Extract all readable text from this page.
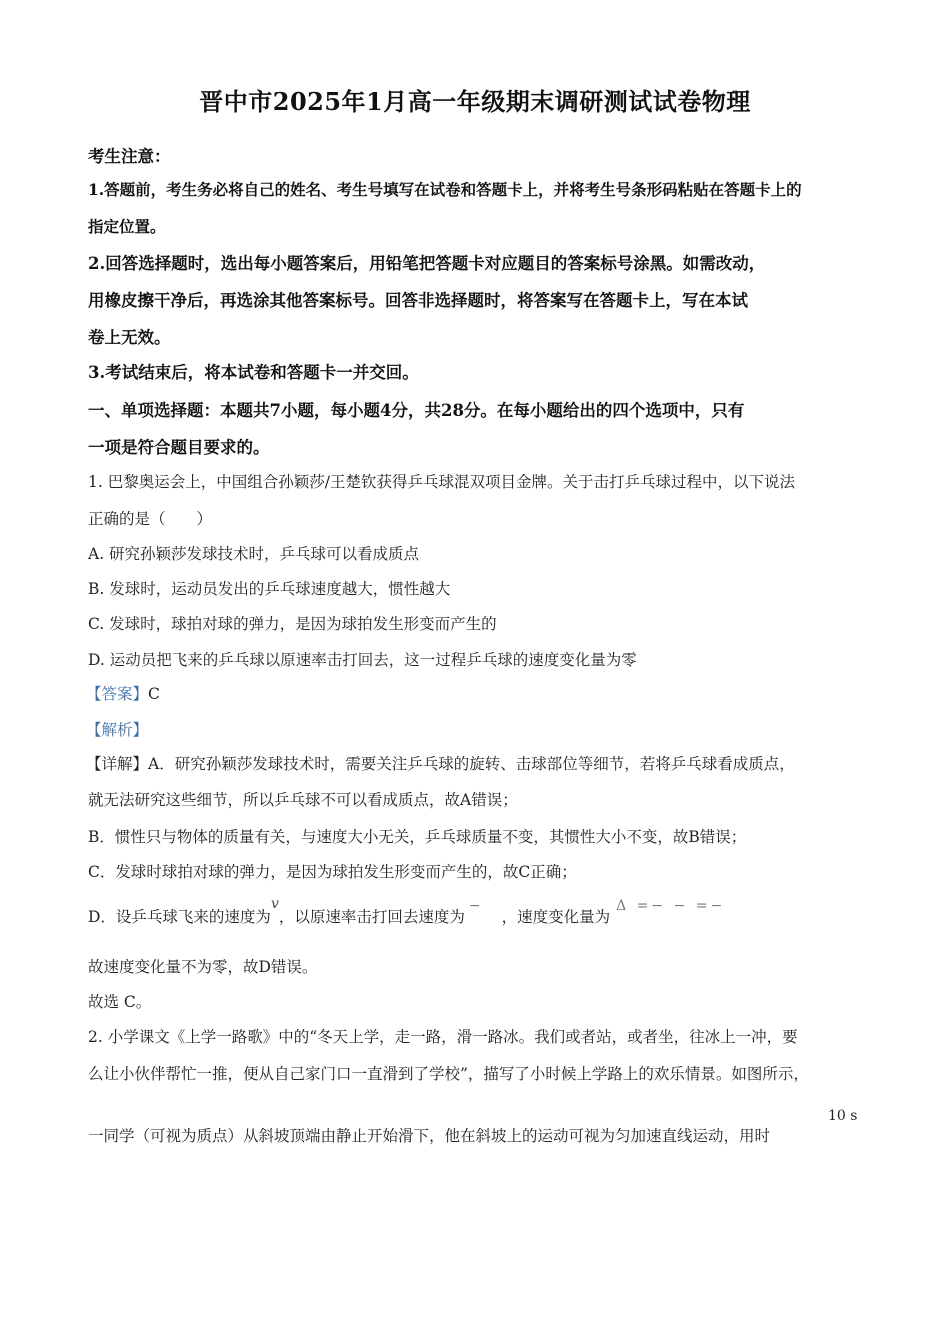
晋中市2025年1月高一年级期末调研测试试卷物理
考生注意：
1.答题前，考生务必将自己的姓名、考生号填写在试卷和答题卡上，并将考生号条形码粘贴在答题卡上的
指定位置。
2.回答选择题时，选出每小题答案后，用铅笔把答题卡对应题目的答案标号涂黑。如需改动，
用橡皮擦干净后，再选涂其他答案标号。回答非选择题时，将答案写在答题卡上，写在本试
卷上无效。
3.考试结束后，将本试卷和答题卡一并交回。
一、单项选择题：本题共7小题，每小题4分，共28分。在每小题给出的四个选项中，只有
一项是符合题目要求的。
1. 巴黎奥运会上，中国组合孙颖莎/王楚钦获得乒乓球混双项目金牌。关于击打乒乓球过程中，以下说法
正确的是（　　）
A. 研究孙颖莎发球技术时，乒乓球可以看成质点
B. 发球时，运动员发出的乒乓球速度越大，惯性越大
C. 发球时，球拍对球的弹力，是因为球拍发生形变而产生的
D. 运动员把飞来的乒乓球以原速率击打回去，这一过程乒乓球的速度变化量为零
【答案】C
【解析】
【详解】A．研究孙颖莎发球技术时，需要关注乒乓球的旋转、击球部位等细节，若将乒乓球看成质点，
就无法研究这些细节，所以乒乓球不可以看成质点，故A错误；
B．惯性只与物体的质量有关，与速度大小无关，乒乓球质量不变，其惯性大小不变，故B错误；
C．发球时球拍对球的弹力，是因为球拍发生形变而产生的，故C正确；
D．设乒乓球飞来的速度为v，以原速率击打回去速度为−，速度变化量为Δ =− − =−
故速度变化量不为零，故D错误。
故选 C。
2. 小学课文《上学一路歌》中的“冬天上学，走一路，滑一路冰。我们或者站，或者坐，往冰上一冲，要
么让小伙伴帮忙一推，便从自己家门口一直滑到了学校”，描写了小时候上学路上的欢乐情景。如图所示，
一同学（可视为质点）从斜坡顶端由静止开始滑下，他在斜坡上的运动可视为匀加速直线运动，用时
10 s
